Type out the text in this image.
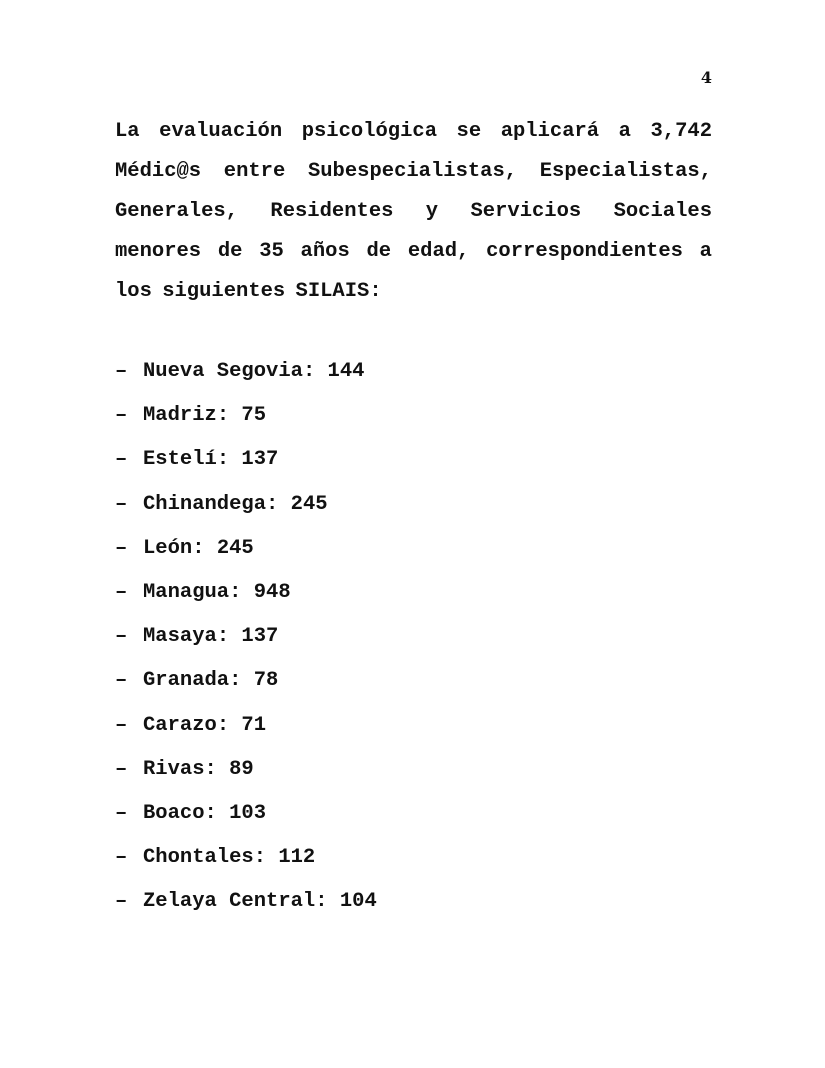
4

La evaluación psicológica se aplicará a 3,742 Médic@s entre Subespecialistas, Especialistas, Generales, Residentes y Servicios Sociales menores de 35 años de edad, correspondientes a los siguientes SILAIS:

– Nueva Segovia: 144
– Madriz: 75
– Estelí: 137
– Chinandega: 245
– León: 245
– Managua: 948
– Masaya: 137
– Granada: 78
– Carazo: 71
– Rivas: 89
– Boaco: 103
– Chontales: 112
– Zelaya Central: 104
